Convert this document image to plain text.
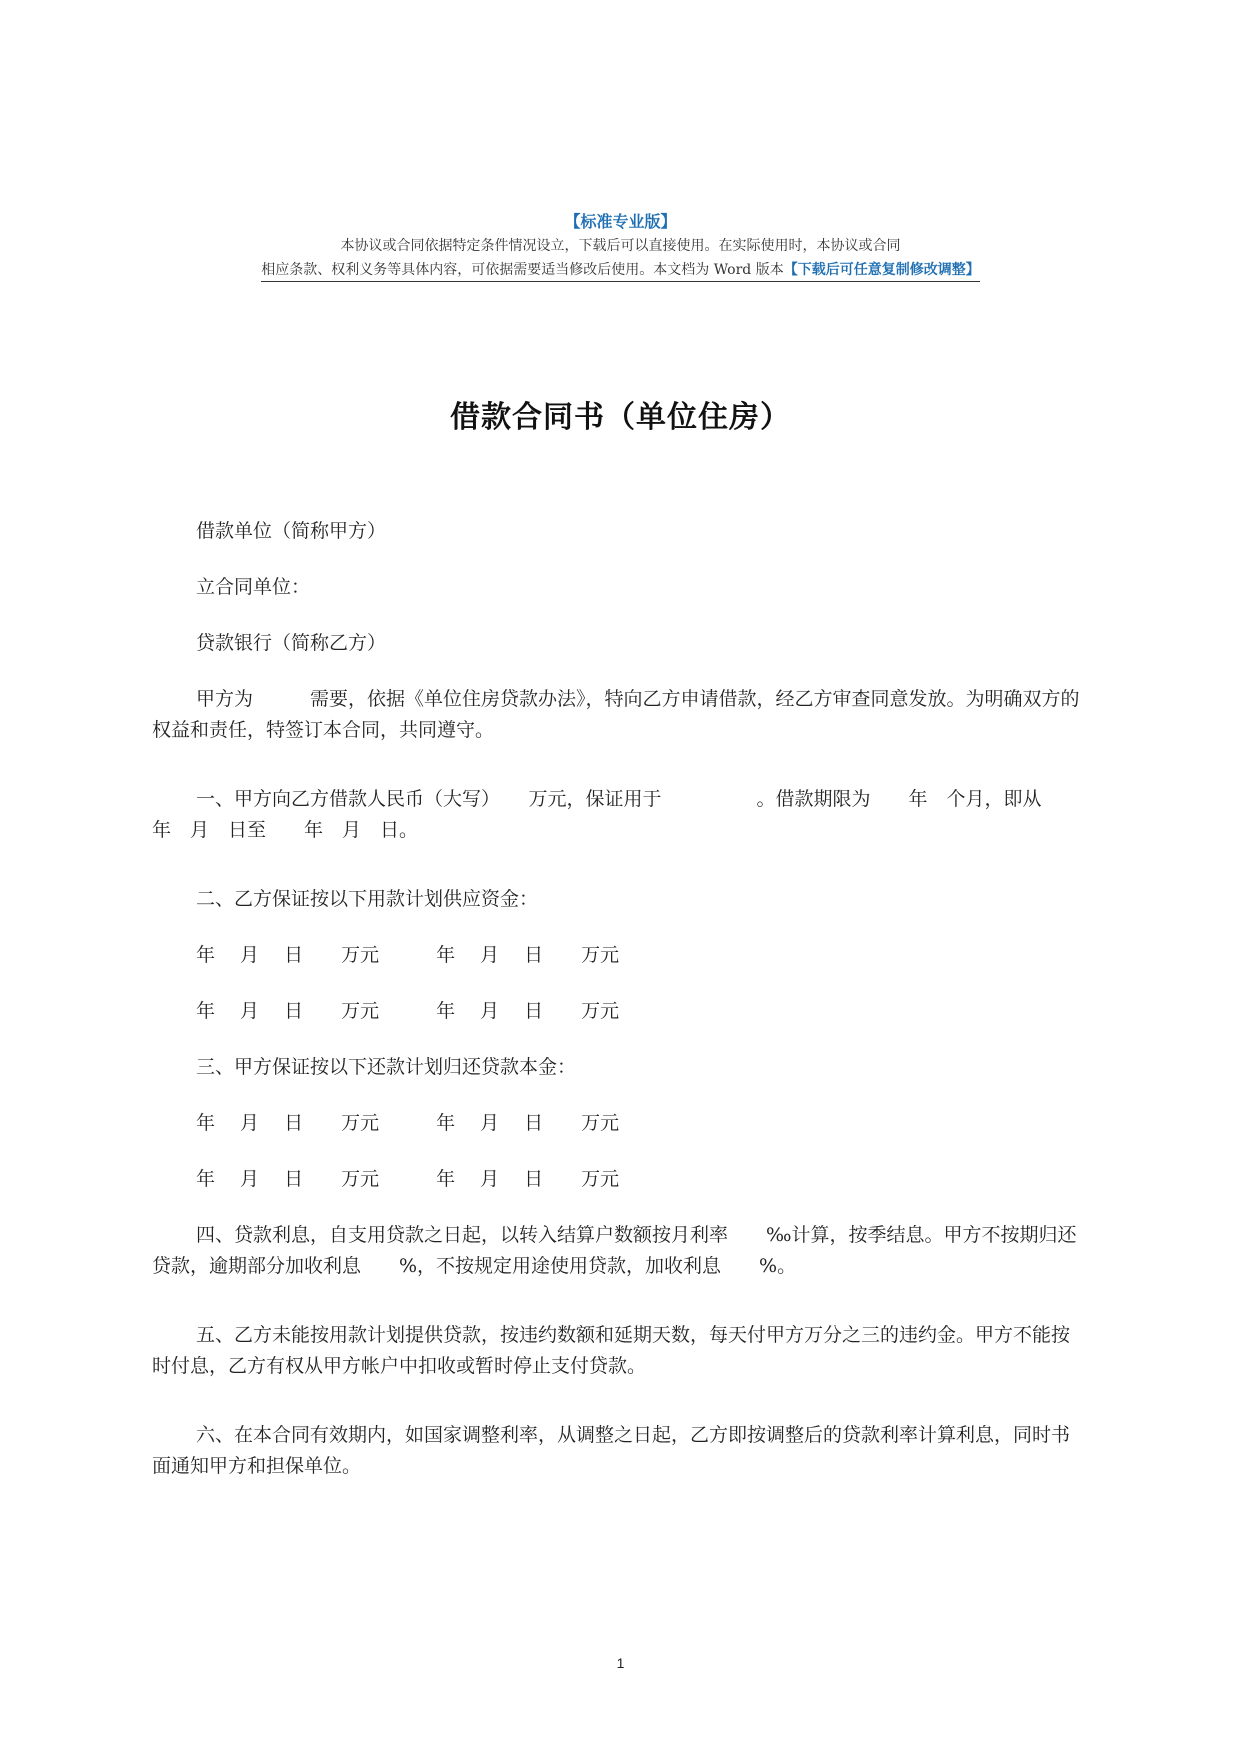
【标准专业版】
本协议或合同依据特定条件情况设立，下载后可以直接使用。在实际使用时，本协议或合同
相应条款、权利义务等具体内容，可依据需要适当修改后使用。本文档为 Word 版本【下载后可任意复制修改调整】
借款合同书（单位住房）
借款单位（简称甲方）
立合同单位：
贷款银行（简称乙方）
甲方为　　　需要，依据《单位住房贷款办法》，特向乙方申请借款，经乙方审查同意发放。为明确双方的权益和责任，特签订本合同，共同遵守。
一、甲方向乙方借款人民币（大写）　　万元，保证用于　　　　　。借款期限为　　年　个月，即从　　年　月　日至　　年　月　日。
二、乙方保证按以下用款计划供应资金：
年　 月　 日　　万元　　　年　 月　 日　　万元
年　 月　 日　　万元　　　年　 月　 日　　万元
三、甲方保证按以下还款计划归还贷款本金：
年　 月　 日　　万元　　　年　 月　 日　　万元
年　 月　 日　　万元　　　年　 月　 日　　万元
四、贷款利息，自支用贷款之日起，以转入结算户数额按月利率　　‰计算，按季结息。甲方不按期归还贷款，逾期部分加收利息　　%，不按规定用途使用贷款，加收利息　　%。
五、乙方未能按用款计划提供贷款，按违约数额和延期天数，每天付甲方万分之三的违约金。甲方不能按时付息，乙方有权从甲方帐户中扣收或暂时停止支付贷款。
六、在本合同有效期内，如国家调整利率，从调整之日起，乙方即按调整后的贷款利率计算利息，同时书面通知甲方和担保单位。
1
